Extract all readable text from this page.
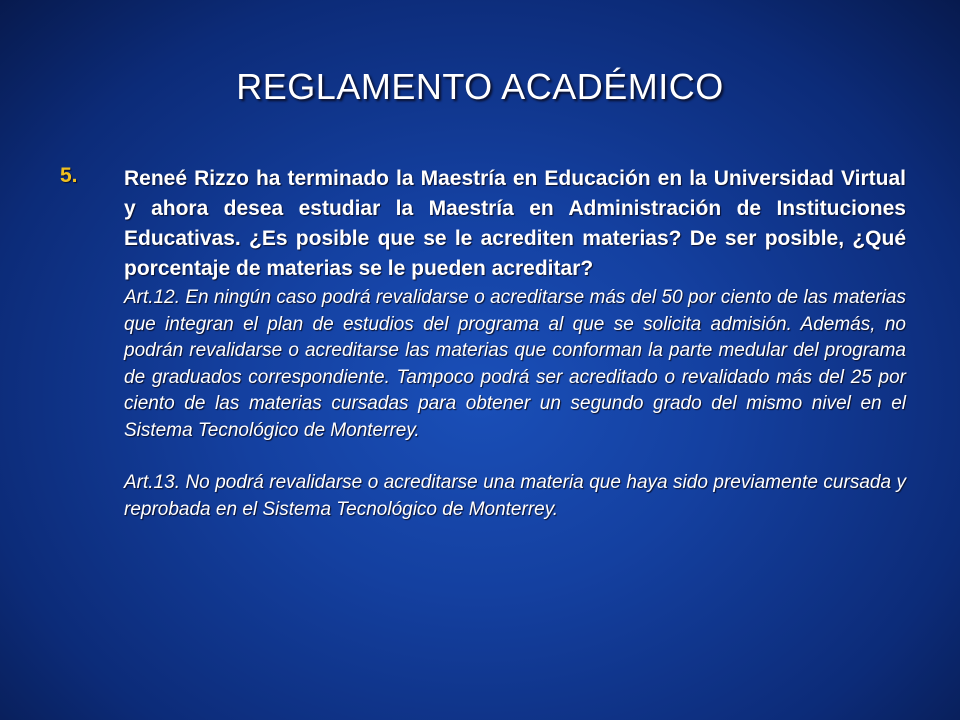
REGLAMENTO ACADÉMICO
5. Reneé Rizzo ha terminado la Maestría en Educación en la Universidad Virtual y ahora desea estudiar la Maestría en Administración de Instituciones Educativas. ¿Es posible que se le acrediten materias? De ser posible, ¿Qué porcentaje de materias se le pueden acreditar?

Art.12. En ningún caso podrá revalidarse o acreditarse más del 50 por ciento de las materias que integran el plan de estudios del programa al que se solicita admisión. Además, no podrán revalidarse o acreditarse las materias que conforman la parte medular del programa de graduados correspondiente. Tampoco podrá ser acreditado o revalidado más del 25 por ciento de las materias cursadas para obtener un segundo grado del mismo nivel en el Sistema Tecnológico de Monterrey.

Art.13. No podrá revalidarse o acreditarse una materia que haya sido previamente cursada y reprobada en el Sistema Tecnológico de Monterrey.
